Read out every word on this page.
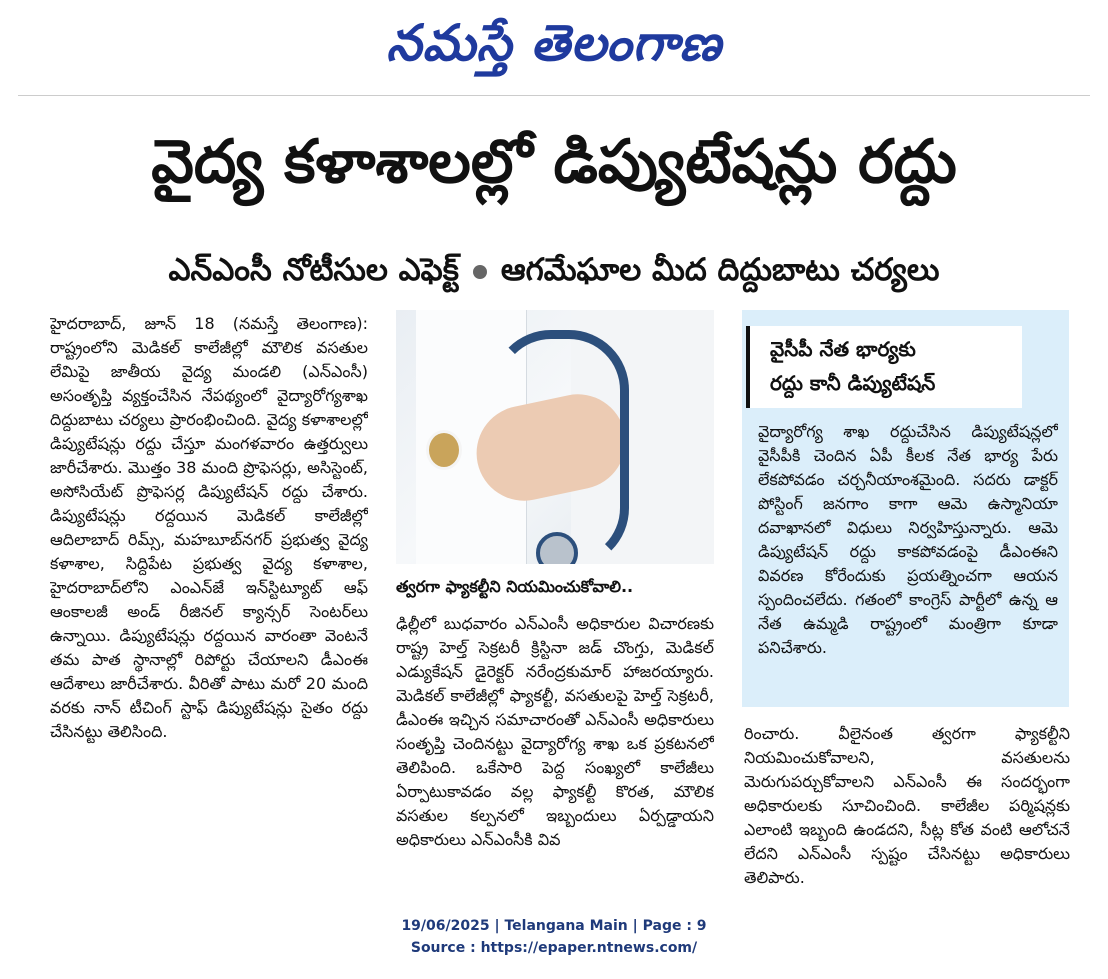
నమస్తే తెలంగాణ
వైద్య కళాశాలల్లో డిప్యుటేషన్లు రద్దు
ఎన్‌ఎంసీ నోటీసుల ఎఫెక్ట్ ఆగమేఘాల మీద దిద్దుబాటు చర్యలు
హైదరాబాద్, జూన్ 18 (నమస్తే తెలంగాణ): రాష్ట్రంలోని మెడికల్ కాలేజీల్లో మౌలిక వసతుల లేమిపై జాతీయ వైద్య మండలి (ఎన్‌ఎంసీ) అసంతృప్తి వ్యక్తంచేసిన నేపథ్యంలో వైద్యారోగ్యశాఖ దిద్దుబాటు చర్యలు ప్రారంభించింది. వైద్య కళాశాలల్లో డిప్యుటేషన్లు రద్దు చేస్తూ మంగళవారం ఉత్తర్వులు జారీచేశారు. మొత్తం 38 మంది ప్రొఫెసర్లు, అసిస్టెంట్, అసోసియేట్ ప్రొఫెసర్ల డిప్యుటేషన్ రద్దు చేశారు. డిప్యుటేషన్లు రద్దయిన మెడికల్ కాలేజీల్లో ఆదిలాబాద్ రిమ్స్, మహబూబ్‌నగర్ ప్రభుత్వ వైద్య కళాశాల, సిద్దిపేట ప్రభుత్వ వైద్య కళాశాల, హైదరాబాద్‌లోని ఎంఎన్‌జే ఇన్‌స్టిట్యూట్ ఆఫ్ ఆంకాలజీ అండ్ రీజినల్ క్యాన్సర్ సెంటర్‌లు ఉన్నాయి. డిప్యుటేషన్లు రద్దయిన వారంతా వెంటనే తమ పాత స్థానాల్లో రిపోర్టు చేయాలని డీఎంఈ ఆదేశాలు జారీచేశారు. వీరితో పాటు మరో 20 మంది వరకు నాన్ టీచింగ్ స్టాఫ్ డిప్యుటేషన్లు సైతం రద్దు చేసినట్టు తెలిసింది.
త్వరగా ఫ్యాకల్టీని నియమించుకోవాలి..
ఢిల్లీలో బుధవారం ఎన్‌ఎంసీ అధికారుల విచారణకు రాష్ట్ర హెల్త్ సెక్రటరీ క్రిస్టినా జడ్ చొంగ్తు, మెడికల్ ఎడ్యుకేషన్ డైరెక్టర్ నరేంద్రకుమార్ హాజరయ్యారు. మెడికల్ కాలేజీల్లో ఫ్యాకల్టీ, వసతులపై హెల్త్ సెక్రటరీ, డీఎంఈ ఇచ్చిన సమాచారంతో ఎన్‌ఎంసీ అధికారులు సంతృప్తి చెందినట్టు వైద్యారోగ్య శాఖ ఒక ప్రకటనలో తెలిపింది. ఒకేసారి పెద్ద సంఖ్యలో కాలేజీలు ఏర్పాటుకావడం వల్ల ఫ్యాకల్టీ కొరత, మౌలిక వసతుల కల్పనలో ఇబ్బందులు ఏర్పడ్డాయని అధికారులు ఎన్‌ఎంసీకి వివ
వైసీపీ నేత భార్యకు
రద్దు కానీ డిప్యుటేషన్
వైద్యారోగ్య శాఖ రద్దుచేసిన డిప్యుటేషన్లలో వైసీపీకి చెందిన ఏపీ కీలక నేత భార్య పేరు లేకపోవడం చర్చనీయాంశమైంది. సదరు డాక్టర్ పోస్టింగ్ జనగాం కాగా ఆమె ఉస్మానియా దవాఖానలో విధులు నిర్వహిస్తున్నారు. ఆమె డిప్యుటేషన్ రద్దు కాకపోవడంపై డీఎంఈని వివరణ కోరేందుకు ప్రయత్నించగా ఆయన స్పందించలేదు. గతంలో కాంగ్రెస్ పార్టీలో ఉన్న ఆ నేత ఉమ్మడి రాష్ట్రంలో మంత్రిగా కూడా పనిచేశారు.
రించారు. వీలైనంత త్వరగా ఫ్యాకల్టీని నియమించుకోవాలని, వసతులను మెరుగుపర్చుకోవాలని ఎన్‌ఎంసీ ఈ సందర్భంగా అధికారులకు సూచించింది. కాలేజీల పర్మిషన్లకు ఎలాంటి ఇబ్బంది ఉండదని, సీట్ల కోత వంటి ఆలోచనే లేదని ఎన్‌ఎంసీ స్పష్టం చేసినట్టు అధికారులు తెలిపారు.
19/06/2025 | Telangana Main | Page : 9
Source : https://epaper.ntnews.com/
